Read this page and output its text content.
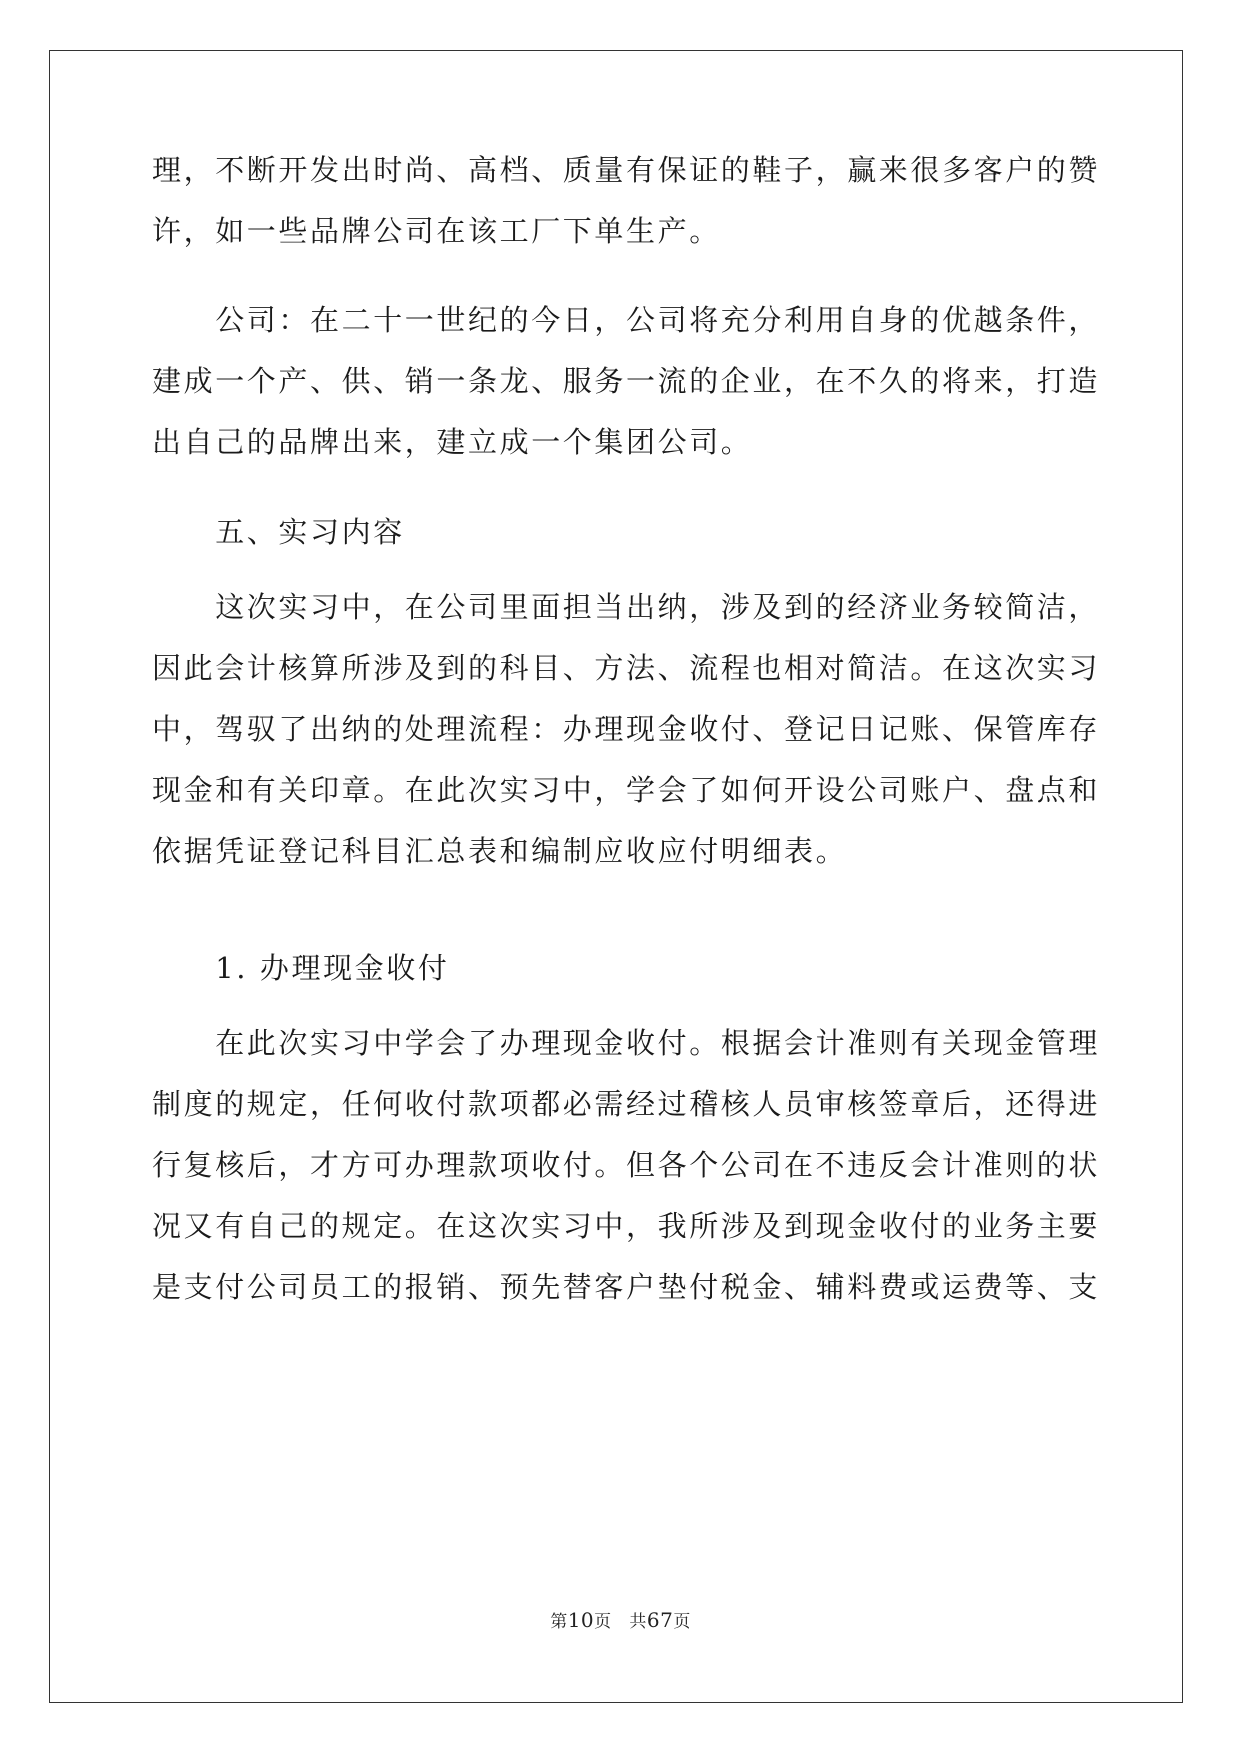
理，不断开发出时尚、高档、质量有保证的鞋子，赢来很多客户的赞
许，如一些品牌公司在该工厂下单生产。
　　公司：在二十一世纪的今日，公司将充分利用自身的优越条件，
建成一个产、供、销一条龙、服务一流的企业，在不久的将来，打造
出自己的品牌出来，建立成一个集团公司。
　　五、实习内容
　　这次实习中，在公司里面担当出纳，涉及到的经济业务较简洁，
因此会计核算所涉及到的科目、方法、流程也相对简洁。在这次实习
中，驾驭了出纳的处理流程：办理现金收付、登记日记账、保管库存
现金和有关印章。在此次实习中，学会了如何开设公司账户、盘点和
依据凭证登记科目汇总表和编制应收应付明细表。
　　1. 办理现金收付
　　在此次实习中学会了办理现金收付。根据会计准则有关现金管理
制度的规定，任何收付款项都必需经过稽核人员审核签章后，还得进
行复核后，才方可办理款项收付。但各个公司在不违反会计准则的状
况又有自己的规定。在这次实习中，我所涉及到现金收付的业务主要
是支付公司员工的报销、预先替客户垫付税金、辅料费或运费等、支
第10页 共67页
